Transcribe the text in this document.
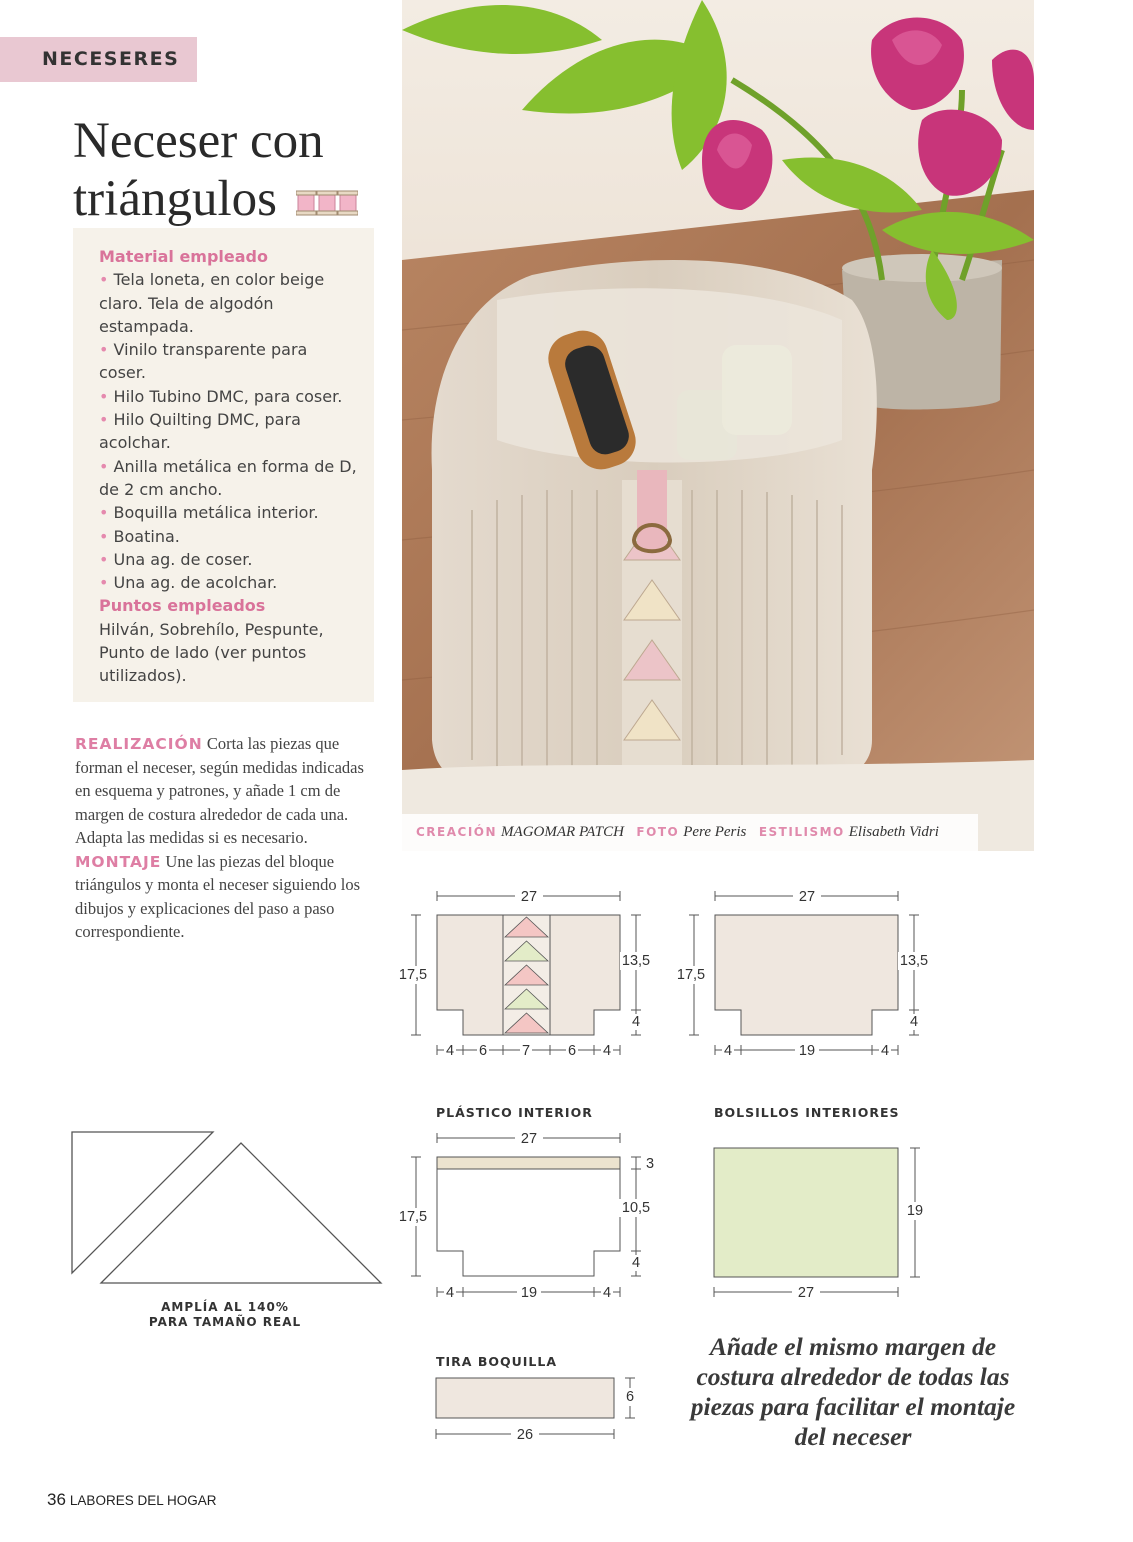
NECESERES
Neceser con
triángulos
Material empleado
• Tela loneta, en color beige claro. Tela de algodón estampada.
• Vinilo transparente para coser.
• Hilo Tubino DMC, para coser.
• Hilo Quilting DMC, para acolchar.
• Anilla metálica en forma de D, de 2 cm ancho.
• Boquilla metálica interior.
• Boatina.
• Una ag. de coser.
• Una ag. de acolchar.
Puntos empleados
Hilván, Sobrehílo, Pespunte, Punto de lado (ver puntos utilizados).
REALIZACIÓN Corta las piezas que forman el neceser, según medidas indicadas en esquema y patrones, y añade 1 cm de margen de costura alrededor de cada una. Adapta las medidas si es necesario.
MONTAJE Une las piezas del bloque triángulos y monta el neceser siguiendo los dibujos y explicaciones del paso a paso correspondiente.
CREACIÓN MAGOMAR PATCH FOTO Pere Peris ESTILISMO Elisabeth Vidri
27
17,5
13,5
4
4 6 7	6 4
27
17,5
13,5
4
4	19	4
PLÁSTICO INTERIOR	BOLSILLOS INTERIORES
TIRA BOQUILLA
27
17,5
3
10,5
4
4	19	4
19
27
6
26
AMPLÍA AL 140%
PARA TAMAÑO REAL
Añade el mismo margen de costura alrededor de todas las piezas para facilitar el montaje del neceser
36 LABORES DEL HOGAR
